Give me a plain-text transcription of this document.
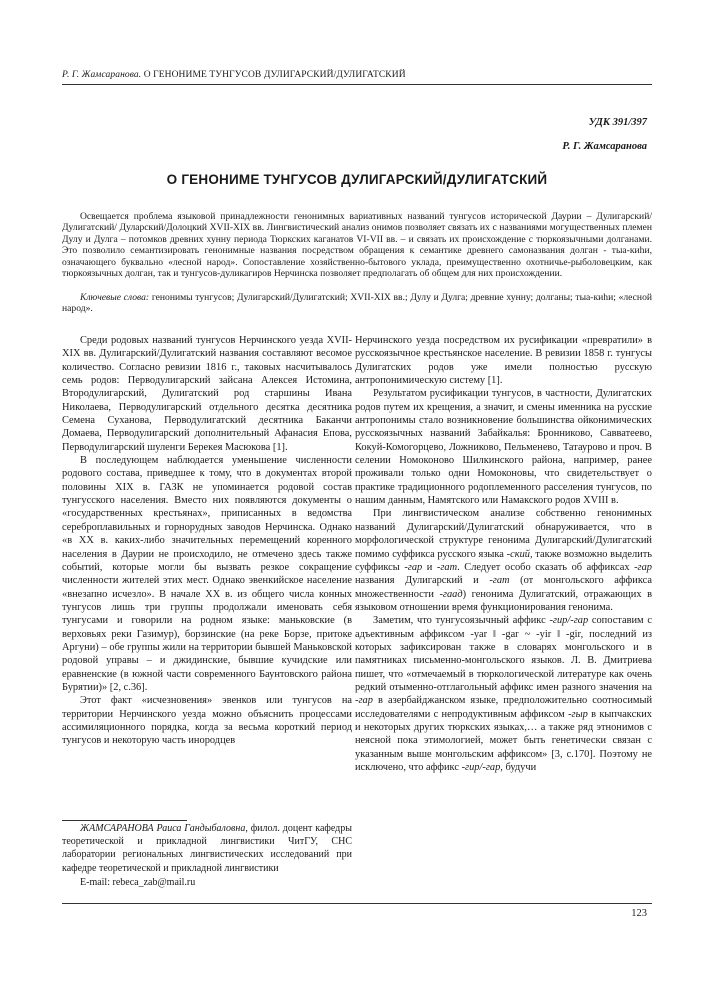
Р. Г. Жамсаранова. О ГЕНОНИМЕ ТУНГУСОВ ДУЛИГАРСКИЙ/ДУЛИГАТСКИЙ
УДК 391/397
Р. Г. Жамсаранова
О ГЕНОНИМЕ ТУНГУСОВ ДУЛИГАРСКИЙ/ДУЛИГАТСКИЙ
Освещается проблема языковой принадлежности генонимных вариативных названий тунгусов исторической Даурии – Дулигарский/ Дулигатский/ Дуларский/Долоцкий XVII-XIX вв. Лингвистический анализ онимов позволяет связать их с названиями могущественных племен Дулу и Дулга – потомков древних хунну периода Тюркских каганатов VI-VII вв. – и связать их происхождение с тюркоязычными долганами. Это позволило семантизировать генонимные названия посредством обращения к семантике древнего самоназвания долган - тыа-киhи, означающего буквально «лесной народ». Сопоставление хозяйственно-бытового уклада, преимущественно охотничье-рыболовецким, как тюркоязычных долган, так и тунгусов-дуликагиров Нерчинска позволяет предполагать об общем для них происхождении.
Ключевые слова: генонимы тунгусов; Дулигарский/Дулигатский; XVII-XIX вв.; Дулу и Дулга; древние хунну; долганы; тыа-киhи; «лесной народ».

Среди родовых названий тунгусов Нерчинского уезда XVII-XIX вв. Дулигарский/Дулигатский названия составляют весомое количество. Согласно ревизии 1816 г., таковых насчитывалось семь родов: Перводулигарский зайсана Алексея Истомина, Втородулигарский, Дулигатский род старшины Ивана Николаева, Перводулигарский отдельного десятка десятника Семена Суханова, Перводулигатский десятника Баканчи Домаева, Перводулигарский дополнительный Афанасия Епова, Перводулигарский шуленги Берекея Масюкова [1].

В последующем наблюдается уменьшение численности родового состава, приведшее к тому, что в документах второй половины XIX в. ГАЗК не упоминается родовой состав тунгусского населения. Вместо них появляются документы о «государственных крестьянах», приписанных в ведомства сереброплавильных и горнорудных заводов Нерчинска. Однако «в XX в. каких-либо значительных перемещений коренного населения в Даурии не происходило, не отмечено здесь также событий, которые могли бы вызвать резкое сокращение численности жителей этих мест. Однако эвенкийское население «внезапно исчезло». В начале XX в. из общего числа конных тунгусов лишь три группы продолжали именовать себя тунгусами и говорили на родном языке: маньковские (в верховьях реки Газимур), борзинские (на реке Борзе, притоке Аргуни) – обе группы жили на территории бывшей Маньковской родовой управы – и джидинские, бывшие кучидские или еравненские (в южной части современного Баунтовского района Бурятии)» [2, с.36].

Этот факт «исчезновения» эвенков или тунгусов на территории Нерчинского уезда можно объяснить процессами ассимиляционного порядка, когда за весьма короткий период тунгусов и некоторую часть инородцев

Нерчинского уезда посредством их русификации «превратили» в русскоязычное крестьянское население. В ревизии 1858 г. тунгусы Дулигатских родов уже имели полностью русскую антропонимическую систему [1].

Результатом русификации тунгусов, в частности, Дулигатских родов путем их крещения, а значит, и смены именника на русские антропонимы стало возникновение большинства ойконимических русскоязычных названий Забайкалья: Бронниково, Савватеево, Кокуй-Комогорцево, Ложниково, Пельменево, Татаурово и проч. В селении Номоконово Шилкинского района, например, ранее проживали только одни Номоконовы, что свидетельствует о практике традиционного родоплеменного расселения тунгусов, по нашим данным, Намятского или Намакского родов XVIII в.

При лингвистическом анализе собственно генонимных названий Дулигарский/Дулигатский обнаруживается, что в морфологической структуре генонима Дулигарский/Дулигатский помимо суффикса русского языка -ский, также возможно выделить суффиксы -гар и -гат. Следует особо сказать об аффиксах -гар названия Дулигарский и -гат (от монгольского аффикса множественности -гаад) генонима Дулигатский, отражающих в языковом отношении время функционирования генонима.

Заметим, что тунгусоязычный аффикс -гир/-гар сопоставим с адъективным аффиксом -yar ‖ -gar ~ -yir ‖ -gir, последний из которых зафиксирован также в словарях монгольского и в памятниках письменно-монгольского языков. Л. В. Дмитриева пишет, что «отмечаемый в тюркологической литературе как очень редкий отыменно-отглагольный аффикс имен разного значения на -гар в азербайджанском языке, предположительно соотносимый исследователями с непродуктивным аффиксом -гыр в кыпчакских и некоторых других тюркских языках,… а также ряд этнонимов с неясной пока этимологией, может быть генетически связан с указанным выше монгольским аффиксом» [3, с.170]. Поэтому не исключено, что аффикс -гир/-гар, будучи

ЖАМСАРАНОВА Раиса Гандыбаловна, филол. доцент кафедры теоретической и прикладной лингвистики ЧитГУ, СНС лаборатории региональных лингвистических исследований при кафедре теоретической и прикладной лингвистики
E-mail: rebeca_zab@mail.ru
123
